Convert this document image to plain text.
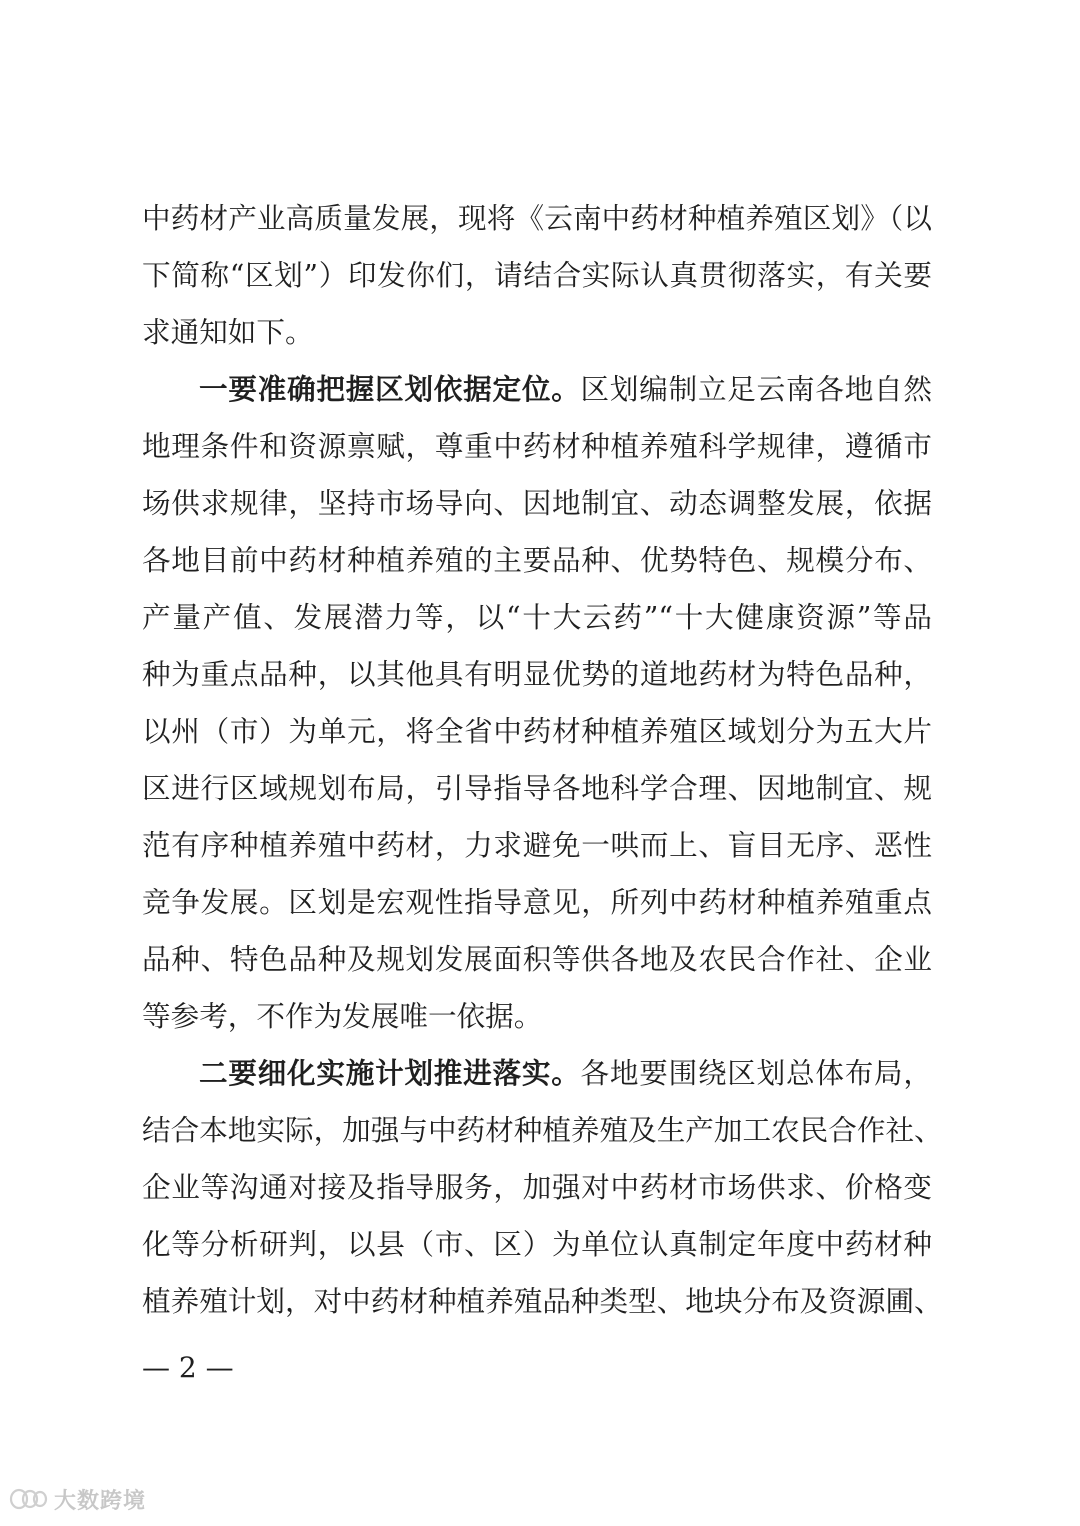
中药材产业高质量发展，现将《云南中药材种植养殖区划》（以
下简称“区划”）印发你们，请结合实际认真贯彻落实，有关要
求通知如下。
一要准确把握区划依据定位。区划编制立足云南各地自然
地理条件和资源禀赋，尊重中药材种植养殖科学规律，遵循市
场供求规律，坚持市场导向、因地制宜、动态调整发展，依据
各地目前中药材种植养殖的主要品种、优势特色、规模分布、
产量产值、发展潜力等，以“十大云药”“十大健康资源”等品
种为重点品种，以其他具有明显优势的道地药材为特色品种，
以州（市）为单元，将全省中药材种植养殖区域划分为五大片
区进行区域规划布局，引导指导各地科学合理、因地制宜、规
范有序种植养殖中药材，力求避免一哄而上、盲目无序、恶性
竞争发展。区划是宏观性指导意见，所列中药材种植养殖重点
品种、特色品种及规划发展面积等供各地及农民合作社、企业
等参考，不作为发展唯一依据。
二要细化实施计划推进落实。各地要围绕区划总体布局，
结合本地实际，加强与中药材种植养殖及生产加工农民合作社、
企业等沟通对接及指导服务，加强对中药材市场供求、价格变
化等分析研判，以县（市、区）为单位认真制定年度中药材种
植养殖计划，对中药材种植养殖品种类型、地块分布及资源圃、
— 2 —
大数跨境
